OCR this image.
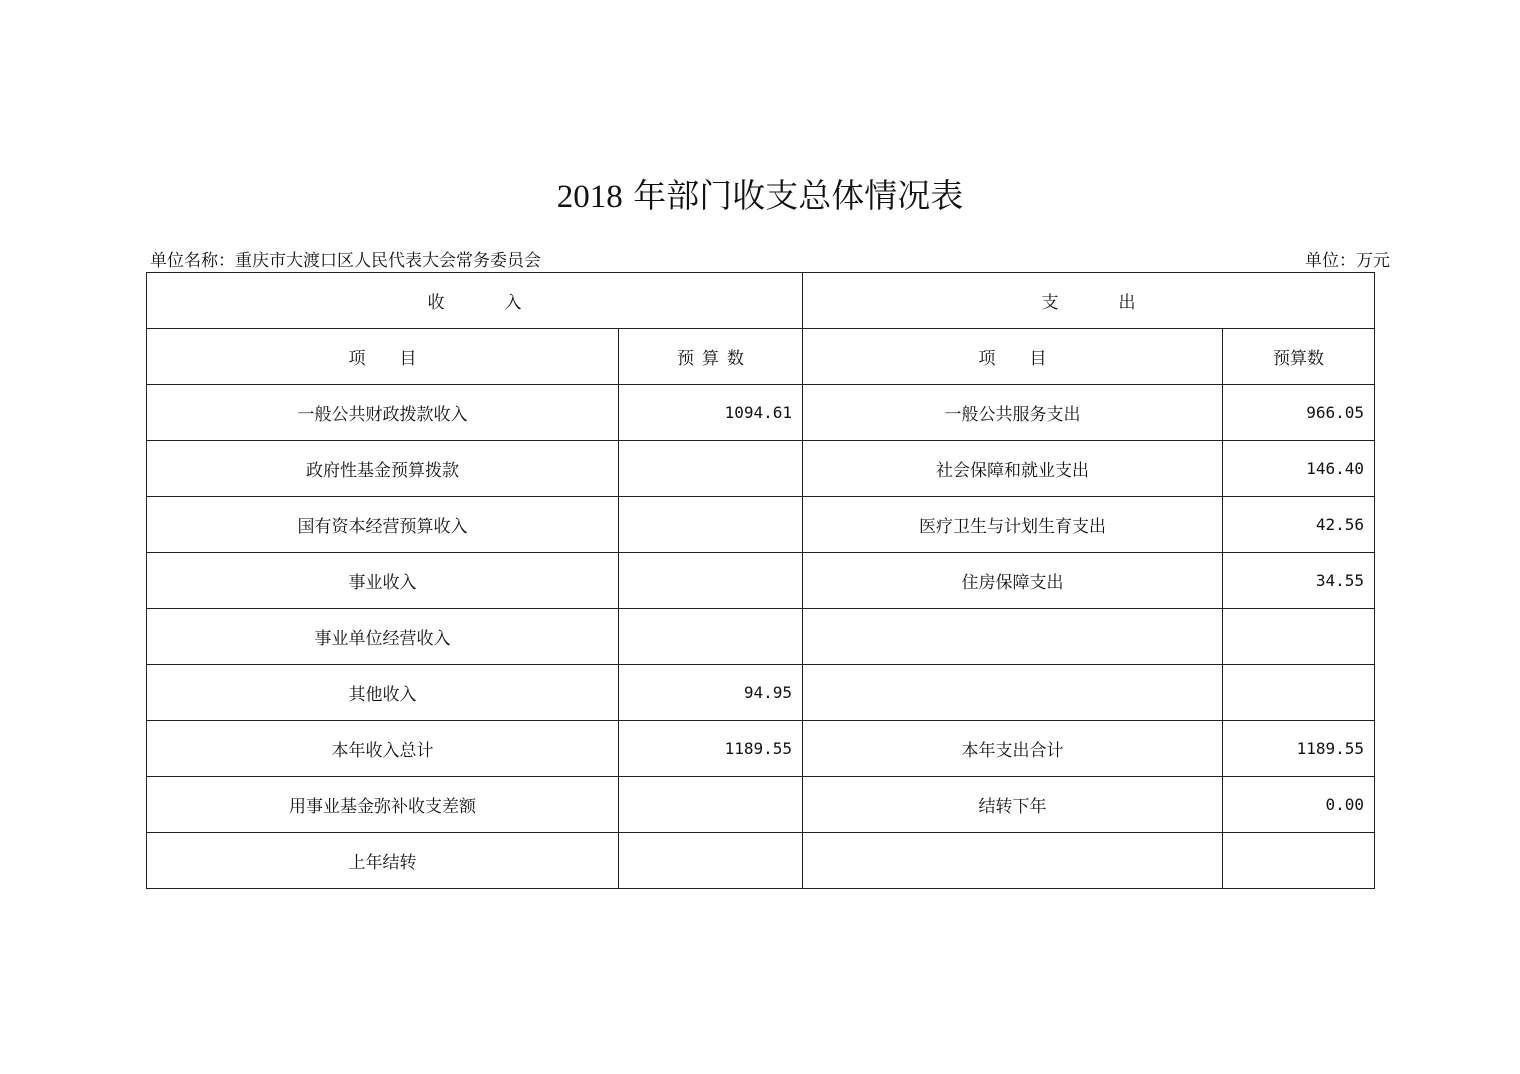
2018 年部门收支总体情况表
单位名称：重庆市大渡口区人民代表大会常务委员会	单位：万元
收 入		支 出	
项 目	预 算 数	项 目	预算数
一般公共财政拨款收入	1094.61	一般公共服务支出	966.05
政府性基金预算拨款		社会保障和就业支出	146.40
国有资本经营预算收入		医疗卫生与计划生育支出	42.56
事业收入		住房保障支出	34.55
事业单位经营收入			
其他收入	94.95		
本年收入总计	1189.55	本年支出合计	1189.55
用事业基金弥补收支差额		结转下年	0.00
上年结转			
